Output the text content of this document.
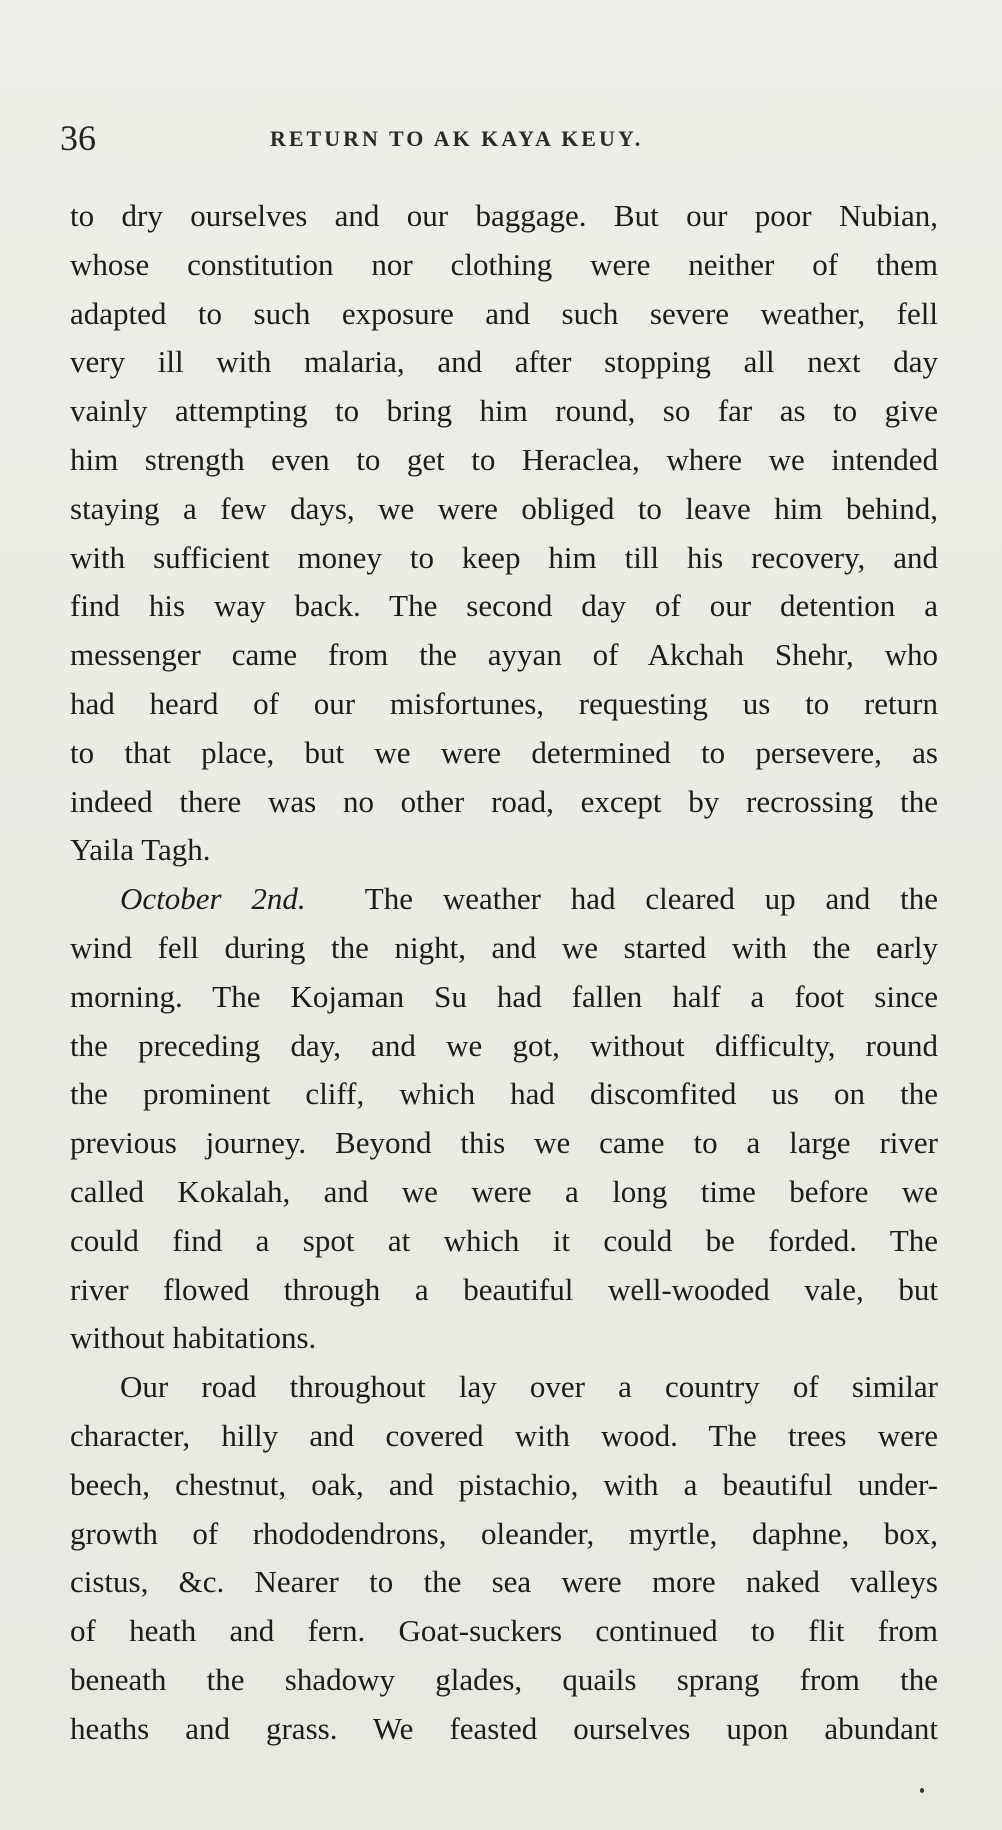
36	RETURN TO AK KAYA KEUY.
to dry ourselves and our baggage. But our poor Nubian,
whose constitution nor clothing were neither of them
adapted to such exposure and such severe weather, fell
very ill with malaria, and after stopping all next day
vainly attempting to bring him round, so far as to give
him strength even to get to Heraclea, where we intended
staying a few days, we were obliged to leave him behind,
with sufficient money to keep him till his recovery, and
find his way back. The second day of our detention a
messenger came from the ayyan of Akchah Shehr, who
had heard of our misfortunes, requesting us to return
to that place, but we were determined to persevere, as
indeed there was no other road, except by recrossing the
Yaila Tagh.
October 2nd. The weather had cleared up and the
wind fell during the night, and we started with the early
morning. The Kojaman Su had fallen half a foot since
the preceding day, and we got, without difficulty, round
the prominent cliff, which had discomfited us on the
previous journey. Beyond this we came to a large river
called Kokalah, and we were a long time before we
could find a spot at which it could be forded. The
river flowed through a beautiful well-wooded vale, but
without habitations.
Our road throughout lay over a country of similar
character, hilly and covered with wood. The trees were
beech, chestnut, oak, and pistachio, with a beautiful under-
growth of rhododendrons, oleander, myrtle, daphne, box,
cistus, &c. Nearer to the sea were more naked valleys
of heath and fern. Goat-suckers continued to flit from
beneath the shadowy glades, quails sprang from the
heaths and grass. We feasted ourselves upon abundant
